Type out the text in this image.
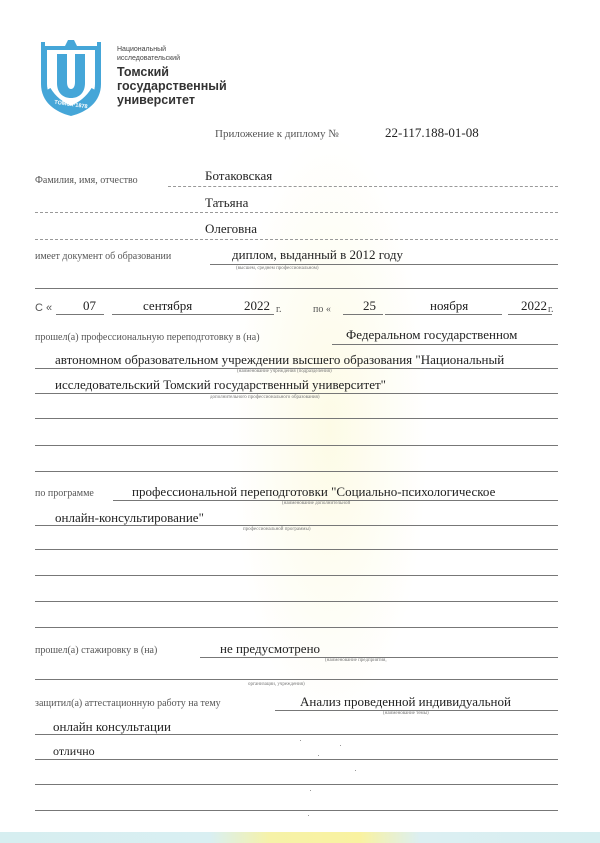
ТОМСК·1878
Национальный
исследовательский
Томский
государственный
университет
Приложение к диплому №	22-117.188-01-08
Фамилия, имя, отчество	Ботаковская
Татьяна
Олеговна
имеет документ об образовании	диплом, выданный в 2012 году
(высшем, среднем профессиональном)
С « 07	сентября	2022 г.	по « 25	ноября	2022 г.
прошел(а) профессиональную переподготовку в (на)	Федеральном государственном
автономном образовательном учреждении высшего образования "Национальный
(наименование учреждения (подразделения)
исследовательский Томский государственный университет"
дополнительного профессионального образования)
по программе	профессиональной переподготовки "Социально-психологическое
(наименование дополнительной
онлайн-консультирование"
профессиональной программы)
прошел(а) стажировку в (на)	не предусмотрено
(наименование предприятия,
организации, учреждения)
защитил(а) аттестационную работу на тему	Анализ проведенной индивидуальной
(наименование темы)
онлайн консультации
отлично
